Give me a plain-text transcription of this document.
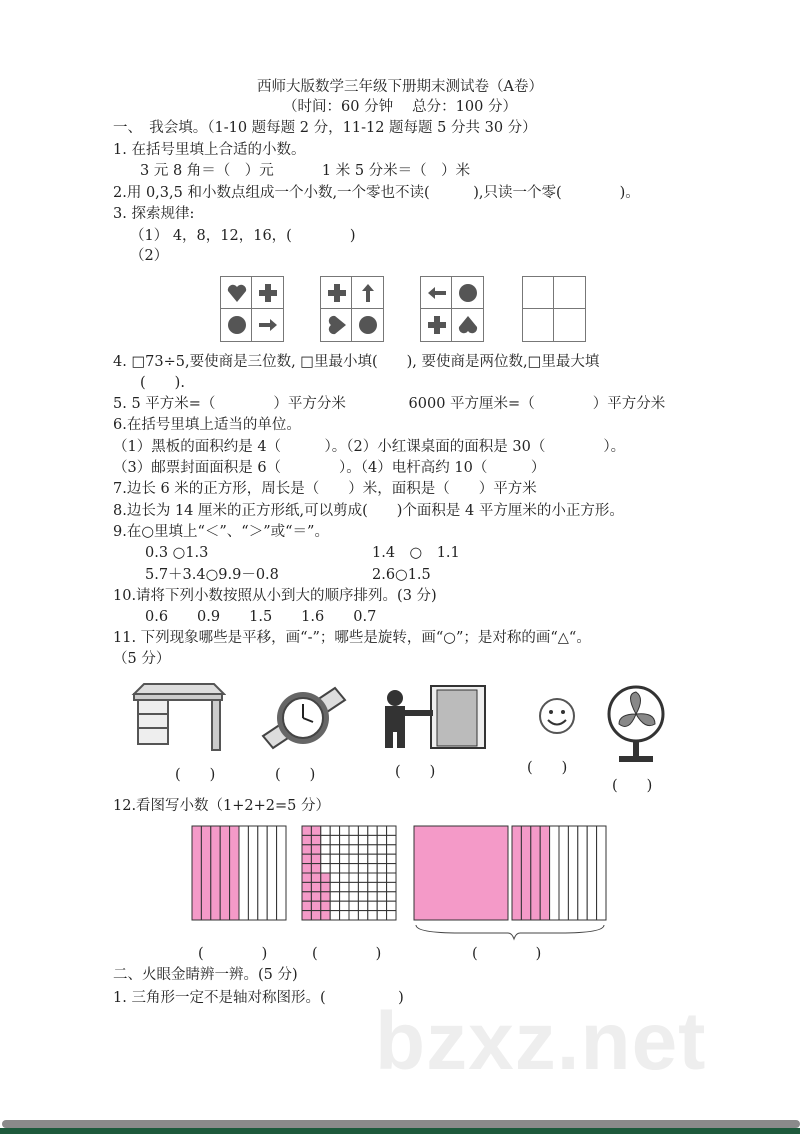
西师大版数学三年级下册期末测试卷（A卷）
（时间：60 分钟　 总分：100 分）
一、　我会填。（1-10 题每题 2 分，11-12 题每题 5 分共 30 分）
1. 在括号里填上合适的小数。
3 元 8 角＝（　）元　　　 1 米 5 分米＝（　）米
2.用 0,3,5 和小数点组成一个小数,一个零也不读(　　　),只读一个零(　　　　)。
3. 探索规律:
（1） 4，8，12，16，(　　　　)
（2）
4. □73÷5,要使商是三位数, □里最小填(　　), 要使商是两位数,□里最大填
(　　).
5. 5 平方米=（　　　　）平方分米　　　　 6000 平方厘米=（　　　　）平方分米
6.在括号里填上适当的单位。
（1）黑板的面积约是 4（　　　）。（2）小红课桌面的面积是 30（　　　　）。
（3）邮票封面面积是 6（　　　　）。（4）电杆高约 10（　　　）
7.边长 6 米的正方形，周长是（　　）米，面积是（　　）平方米
8.边长为 14 厘米的正方形纸,可以剪成(　　)个面积是 4 平方厘米的小正方形。
9.在○里填上“＜”、“＞”或“＝”。
0.3 ○1.3	1.4　○　1.1
5.7＋3.4○9.9－0.8	2.6○1.5
10.请将下列小数按照从小到大的顺序排列。(3 分)
0.6　　0.9　　1.5　　1.6　　0.7
11. 下列现象哪些是平移，画“-”；哪些是旋转，画“○”；是对称的画“△“。
（5 分）
(　　)	(　　)	(　　)	(　　)
(　　)
12.看图写小数（1+2+2=5 分）
(　　　　)	(　　　　)	(　　　　)
bzxz.net
二、火眼金睛辨一辨。(5 分)
1. 三角形一定不是轴对称图形。(　　　　　)
